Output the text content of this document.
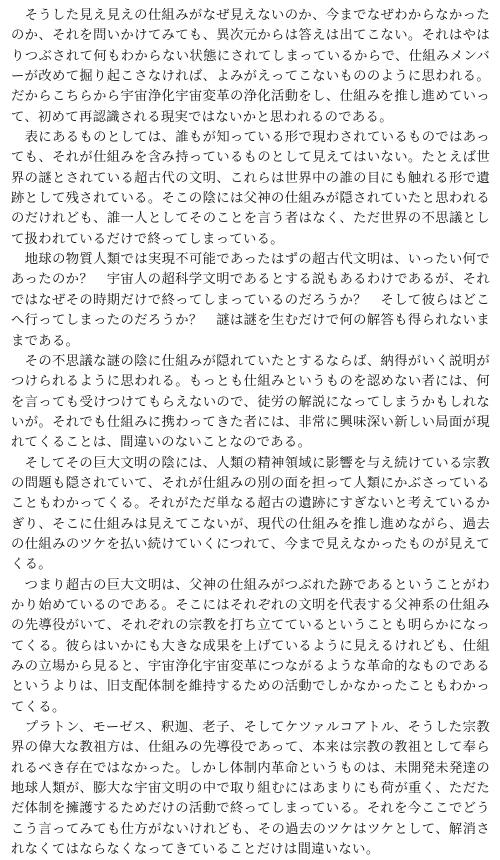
　そうした見え見えの仕組みがなぜ見えないのか、今までなぜわからなかったのか、それを問いかけてみても、異次元からは答えは出てこない。それはやはりつぶされて何もわからない状態にされてしまっているからで、仕組みメンバーが改めて掘り起こさなければ、よみがえってこないもののように思われる。だからこちらから宇宙浄化宇宙変革の浄化活動をし、仕組みを推し進めていって、初めて再認識される現実ではないかと思われるのである。

　表にあるものとしては、誰もが知っている形で現わされているものではあっても、それが仕組みを含み持っているものとして見えてはいない。たとえば世界の謎とされている超古代の文明、これらは世界中の誰の目にも触れる形で遺跡として残されている。そこの陰には父神の仕組みが隠されていたと思われるのだけれども、誰一人としてそのことを言う者はなく、ただ世界の不思議として扱われているだけで終ってしまっている。

　地球の物質人類では実現不可能であったはずの超古代文明は、いったい何であったのか？　宇宙人の超科学文明であるとする説もあるわけであるが、それではなぜその時期だけで終ってしまっているのだろうか？　そして彼らはどこへ行ってしまったのだろうか？　謎は謎を生むだけで何の解答も得られないままである。

　その不思議な謎の陰に仕組みが隠れていたとするならば、納得がいく説明がつけられるように思われる。もっとも仕組みというものを認めない者には、何を言っても受けつけてもらえないので、徒労の解説になってしまうかもしれないが。それでも仕組みに携わってきた者には、非常に興味深い新しい局面が現れてくることは、間違いのないことなのである。

　そしてその巨大文明の陰には、人類の精神領域に影響を与え続けている宗教の問題も隠されていて、それが仕組みの別の面を担って人類にかぶさっていることもわかってくる。それがただ単なる超古の遺跡にすぎないと考えているかぎり、そこに仕組みは見えてこないが、現代の仕組みを推し進めながら、過去の仕組みのツケを払い続けていくにつれて、今まで見えなかったものが見えてくる。

　つまり超古の巨大文明は、父神の仕組みがつぶれた跡であるということがわかり始めているのである。そこにはそれぞれの文明を代表する父神系の仕組みの先導役がいて、それぞれの宗教を打ち立てているということも明らかになってくる。彼らはいかにも大きな成果を上げているように見えるけれども、仕組みの立場から見ると、宇宙浄化宇宙変革につながるような革命的なものであるというよりは、旧支配体制を維持するための活動でしかなかったこともわかってくる。

　プラトン、モーゼス、釈迦、老子、そしてケツァルコアトル、そうした宗教界の偉大な教祖方は、仕組みの先導役であって、本来は宗教の教祖として奉られるべき存在ではなかった。しかし体制内革命というものは、未開発未発達の地球人類が、膨大な宇宙文明の中で取り組むにはあまりにも荷が重く、ただただ体制を擁護するためだけの活動で終ってしまっている。それを今ここでどうこう言ってみても仕方がないけれども、その過去のツケはツケとして、解消されなくてはならなくなってきていることだけは間違いない。
